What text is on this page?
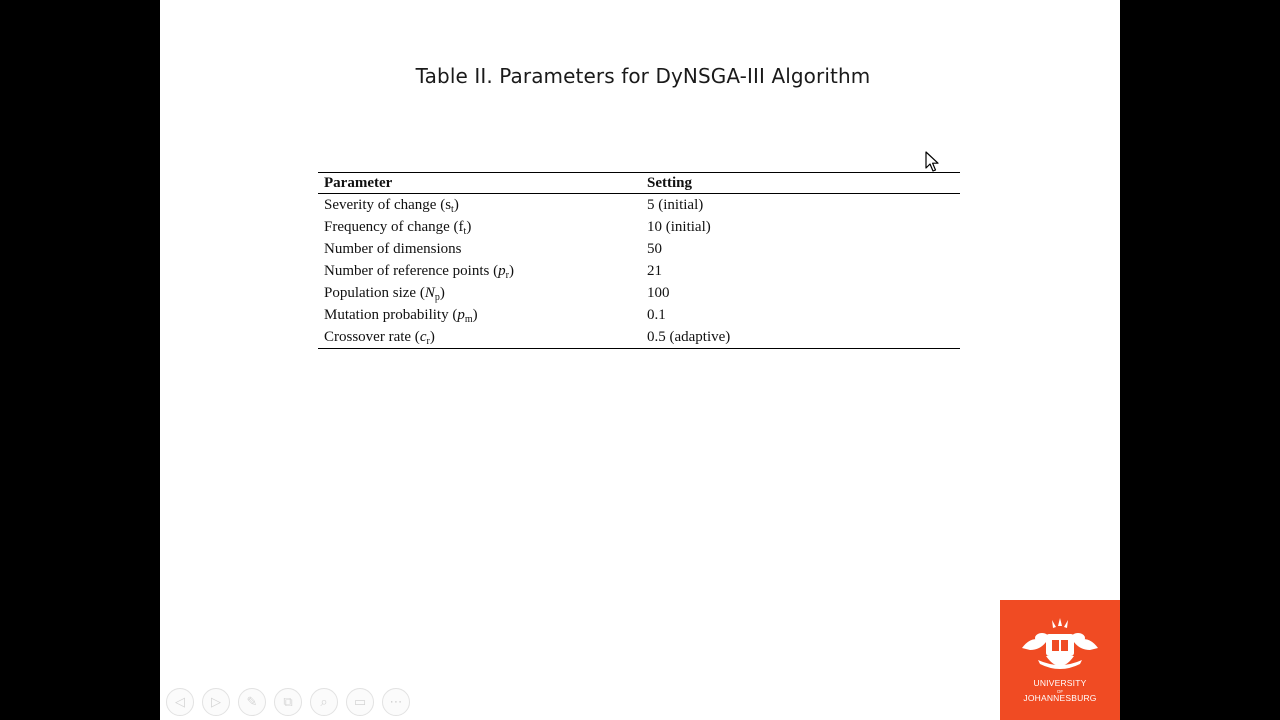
Table II. Parameters for DyNSGA-III Algorithm
Parameter	Setting
Severity of change $(s_t)$	5 (initial)
Frequency of change $(f_t)$	10 (initial)
Number of dimensions	50
Number of reference points $(p_r)$	21
Population size $(N_p)$	100
Mutation probability $(p_m)$	0.1
Crossover rate $(c_r)$	0.5 (adaptive)
◁ ▷ ✎ ⧉ ⌕ ▭ ⋯
UNIVERSITY
OF
JOHANNESBURG
